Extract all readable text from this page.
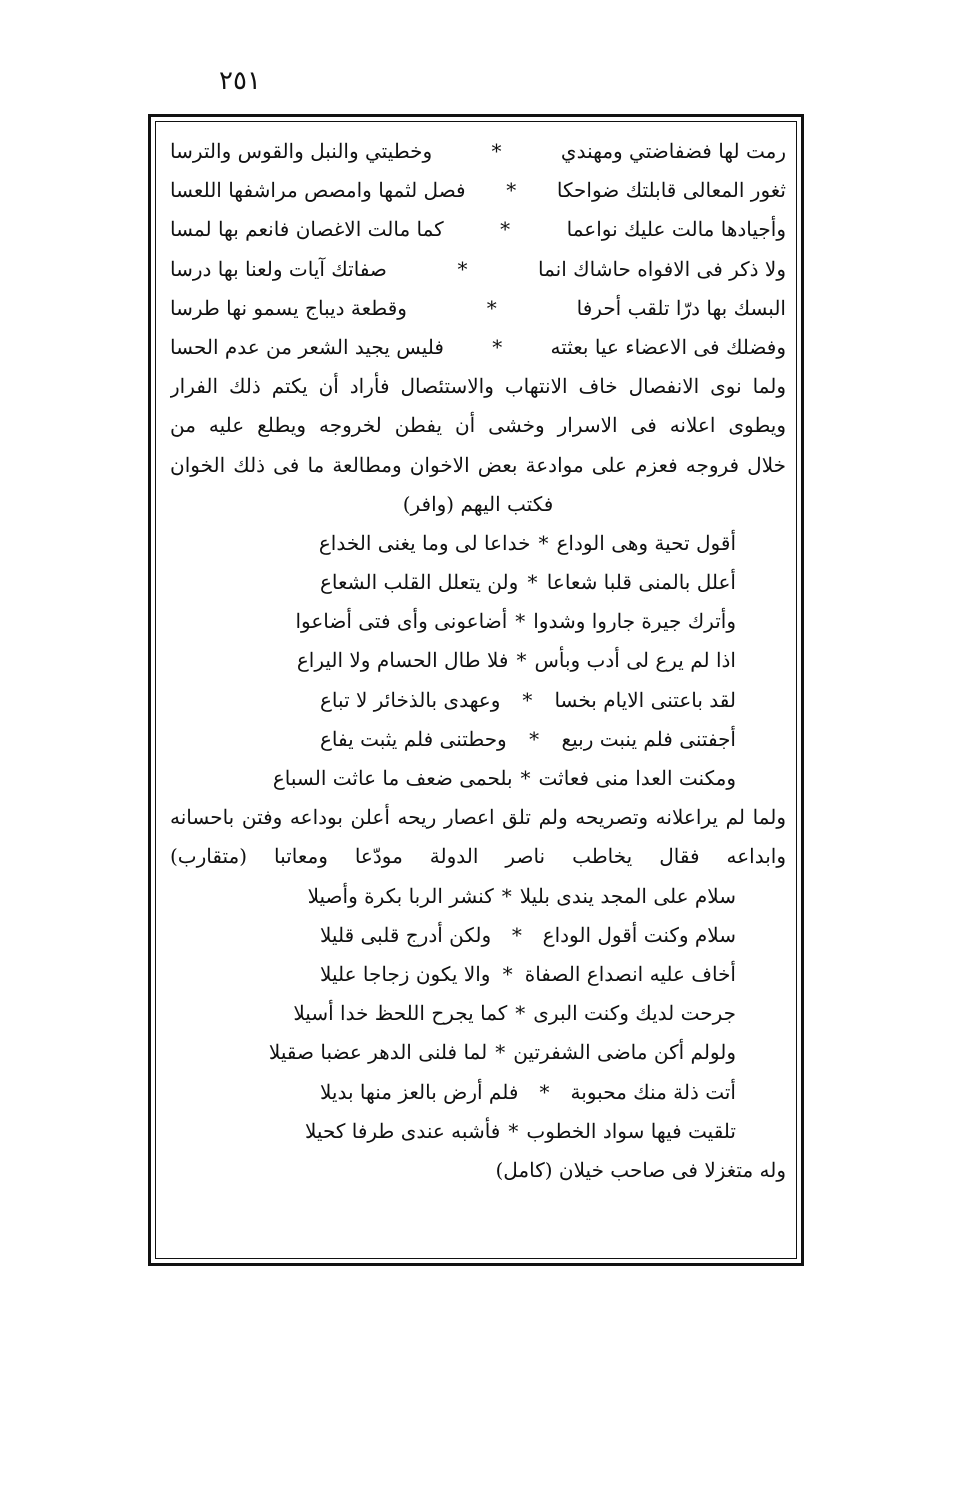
٢٥١
رمت لها فضفاضتي ومهندي
*
وخطيتي والنبل والقوس والترسا
ثغور المعالى قابلتك ضواحكا
*
فصل لثمها وامصص مراشفها اللعسا
وأجيادها مالت عليك نواعما
*
كما مالت الاغصان فانعم بها لمسا
ولا ذكر فى الافواه حاشاك انما
*
صفاتك آيات ولعنا بها درسا
البسك بها درّا تلقب أحرفا
*
وقطعة ديباج يسمو نها طرسا
وفضلك فى الاعضاء عيا بعثته
*
فليس يجيد الشعر من عدم الحسا
ولما نوى الانفصال خاف الانتهاب والاستئصال فأراد أن يكتم ذلك الفرار
ويطوى اعلانه فى الاسرار وخشى أن يفطن لخروجه ويطلع عليه من
خلال فروجه فعزم على موادعة بعض الاخوان ومطالعة ما فى ذلك الخوان
فكتب اليهم (وافر)
أقول تحية وهى الوداع
*
خداعا لى وما يغنى الخداع
أعلل بالمنى قلبا شعاعا
*
ولن يتعلل القلب الشعاع
وأترك جيرة جاروا وشدوا
*
أضاعونى وأى فتى أضاعوا
اذا لم يرع لى أدب وبأس
*
فلا طال الحسام ولا اليراع
لقد باعتنى الايام بخسا
*
وعهدى بالذخائر لا تباع
أجفتنى فلم ينبت ربيع
*
وحطتنى فلم يثبت يفاع
ومكنت العدا منى فعاثت
*
بلحمى ضعف ما عاثت السباع
ولما لم يراعلانه وتصريحه ولم تلق اعصار ريحه أعلن بوداعه وفتن باحسانه
وابداعه فقال يخاطب ناصر الدولة مودّعا ومعاتبا (متقارب)
سلام على المجد يندى بليلا
*
كنشر الربا بكرة وأصيلا
سلام وكنت أقول الوداع
*
ولكن أدرج قلبى قليلا
أخاف عليه انصداع الصفاة
*
والا يكون زجاجا عليلا
جرحت لديك وكنت البرى
*
كما يجرح اللحظ خدا أسيلا
ولولم أكن ماضى الشفرتين
*
لما فلنى الدهر عضبا صقيلا
أتت ذلة منك محبوبة
*
فلم أرض بالعز منها بديلا
تلقيت فيها سواد الخطوب
*
فأشبه عندى طرفا كحيلا
وله متغزلا فى صاحب خيلان (كامل)
